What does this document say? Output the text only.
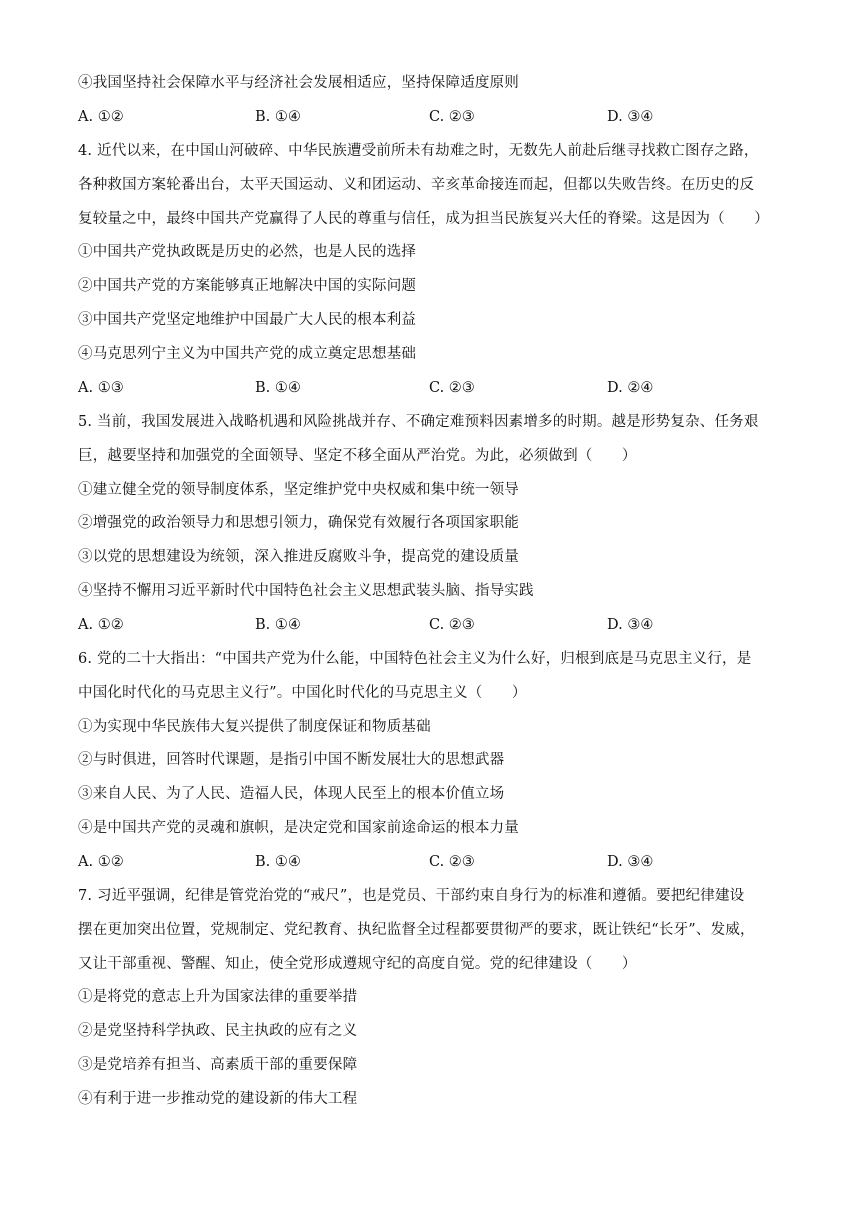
④我国坚持社会保障水平与经济社会发展相适应，坚持保障适度原则
A. ①②	B. ①④	C. ②③	D. ③④
4. 近代以来，在中国山河破碎、中华民族遭受前所未有劫难之时，无数先人前赴后继寻找救亡图存之路，
各种救国方案轮番出台，太平天国运动、义和团运动、辛亥革命接连而起，但都以失败告终。在历史的反
复较量之中，最终中国共产党赢得了人民的尊重与信任，成为担当民族复兴大任的脊梁。这是因为（　　）
①中国共产党执政既是历史的必然，也是人民的选择
②中国共产党的方案能够真正地解决中国的实际问题
③中国共产党坚定地维护中国最广大人民的根本利益
④马克思列宁主义为中国共产党的成立奠定思想基础
A. ①③	B. ①④	C. ②③	D. ②④
5. 当前，我国发展进入战略机遇和风险挑战并存、不确定难预料因素增多的时期。越是形势复杂、任务艰
巨，越要坚持和加强党的全面领导、坚定不移全面从严治党。为此，必须做到（　　）
①建立健全党的领导制度体系，坚定维护党中央权威和集中统一领导
②增强党的政治领导力和思想引领力，确保党有效履行各项国家职能
③以党的思想建设为统领，深入推进反腐败斗争，提高党的建设质量
④坚持不懈用习近平新时代中国特色社会主义思想武装头脑、指导实践
A. ①②	B. ①④	C. ②③	D. ③④
6. 党的二十大指出：“中国共产党为什么能，中国特色社会主义为什么好，归根到底是马克思主义行，是
中国化时代化的马克思主义行”。中国化时代化的马克思主义（　　）
①为实现中华民族伟大复兴提供了制度保证和物质基础
②与时俱进，回答时代课题，是指引中国不断发展壮大的思想武器
③来自人民、为了人民、造福人民，体现人民至上的根本价值立场
④是中国共产党的灵魂和旗帜，是决定党和国家前途命运的根本力量
A. ①②	B. ①④	C. ②③	D. ③④
7. 习近平强调，纪律是管党治党的“戒尺”，也是党员、干部约束自身行为的标准和遵循。要把纪律建设
摆在更加突出位置，党规制定、党纪教育、执纪监督全过程都要贯彻严的要求，既让铁纪“长牙”、发威，
又让干部重视、警醒、知止，使全党形成遵规守纪的高度自觉。党的纪律建设（　　）
①是将党的意志上升为国家法律的重要举措
②是党坚持科学执政、民主执政的应有之义
③是党培养有担当、高素质干部的重要保障
④有利于进一步推动党的建设新的伟大工程
